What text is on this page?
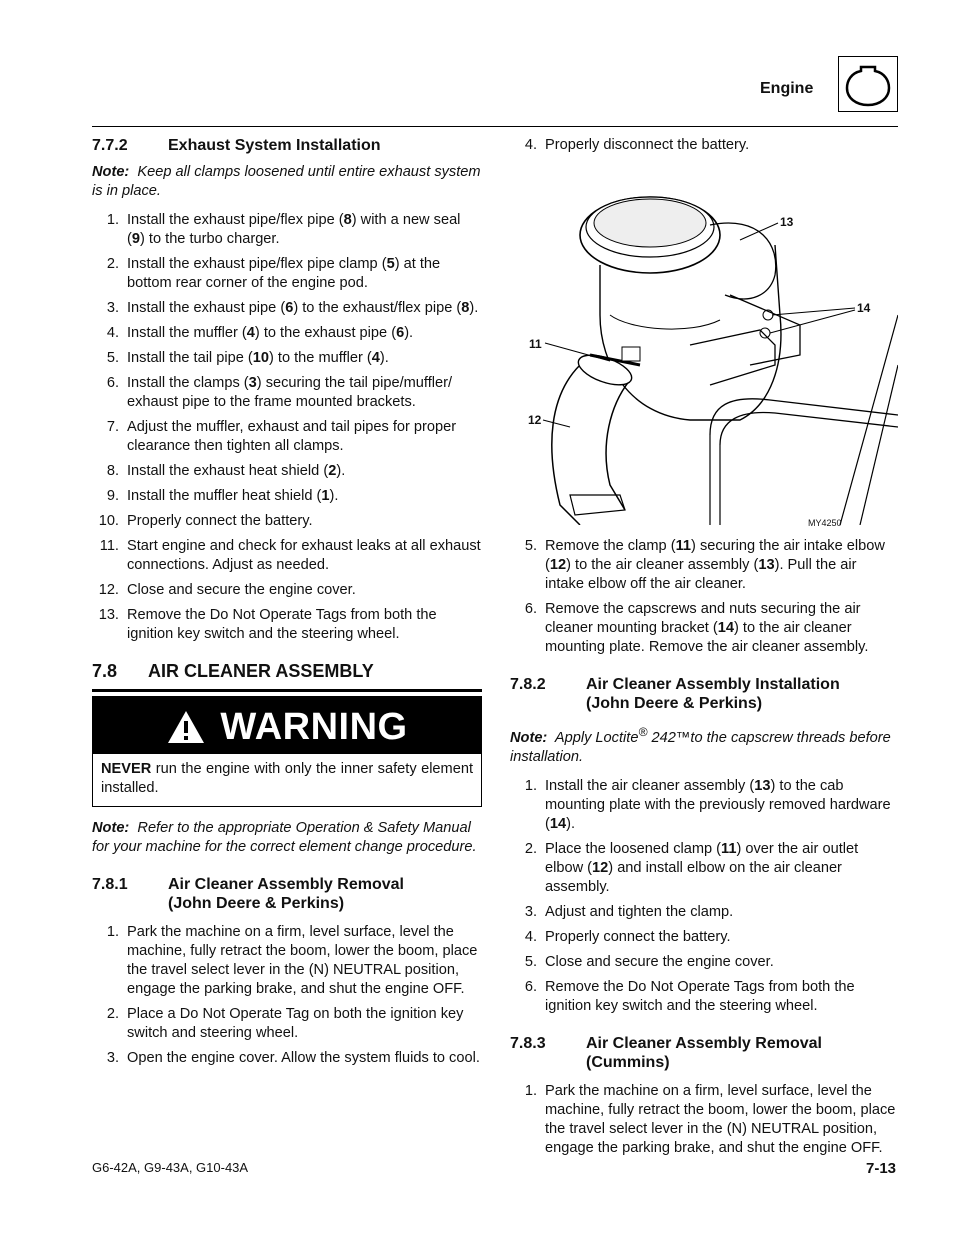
Engine
7.7.2	Exhaust System Installation
Note: Keep all clamps loosened until entire exhaust system is in place.
1. Install the exhaust pipe/flex pipe (8) with a new seal (9) to the turbo charger.
2. Install the exhaust pipe/flex pipe clamp (5) at the bottom rear corner of the engine pod.
3. Install the exhaust pipe (6) to the exhaust/flex pipe (8).
4. Install the muffler (4) to the exhaust pipe (6).
5. Install the tail pipe (10) to the muffler (4).
6. Install the clamps (3) securing the tail pipe/muffler/ exhaust pipe to the frame mounted brackets.
7. Adjust the muffler, exhaust and tail pipes for proper clearance then tighten all clamps.
8. Install the exhaust heat shield (2).
9. Install the muffler heat shield (1).
10. Properly connect the battery.
11. Start engine and check for exhaust leaks at all exhaust connections. Adjust as needed.
12. Close and secure the engine cover.
13. Remove the Do Not Operate Tags from both the ignition key switch and the steering wheel.
7.8	AIR CLEANER ASSEMBLY
WARNING
NEVER run the engine with only the inner safety element installed.
Note: Refer to the appropriate Operation & Safety Manual for your machine for the correct element change procedure.
7.8.1	Air Cleaner Assembly Removal
(John Deere & Perkins)
1. Park the machine on a firm, level surface, level the machine, fully retract the boom, lower the boom, place the travel select lever in the (N) NEUTRAL position, engage the parking brake, and shut the engine OFF.
2. Place a Do Not Operate Tag on both the ignition key switch and steering wheel.
3. Open the engine cover. Allow the system fluids to cool.
4. Properly disconnect the battery.
13
14
11
12
MY4250
5. Remove the clamp (11) securing the air intake elbow (12) to the air cleaner assembly (13). Pull the air intake elbow off the air cleaner.
6. Remove the capscrews and nuts securing the air cleaner mounting bracket (14) to the air cleaner mounting plate. Remove the air cleaner assembly.
7.8.2	Air Cleaner Assembly Installation
(John Deere & Perkins)
Note: Apply Loctite® 242™to the capscrew threads before installation.
1. Install the air cleaner assembly (13) to the cab mounting plate with the previously removed hardware (14).
2. Place the loosened clamp (11) over the air outlet elbow (12) and install elbow on the air cleaner assembly.
3. Adjust and tighten the clamp.
4. Properly connect the battery.
5. Close and secure the engine cover.
6. Remove the Do Not Operate Tags from both the ignition key switch and the steering wheel.
7.8.3	Air Cleaner Assembly Removal
(Cummins)
1. Park the machine on a firm, level surface, level the machine, fully retract the boom, lower the boom, place the travel select lever in the (N) NEUTRAL position, engage the parking brake, and shut the engine OFF.
G6-42A, G9-43A, G10-43A	7-13
